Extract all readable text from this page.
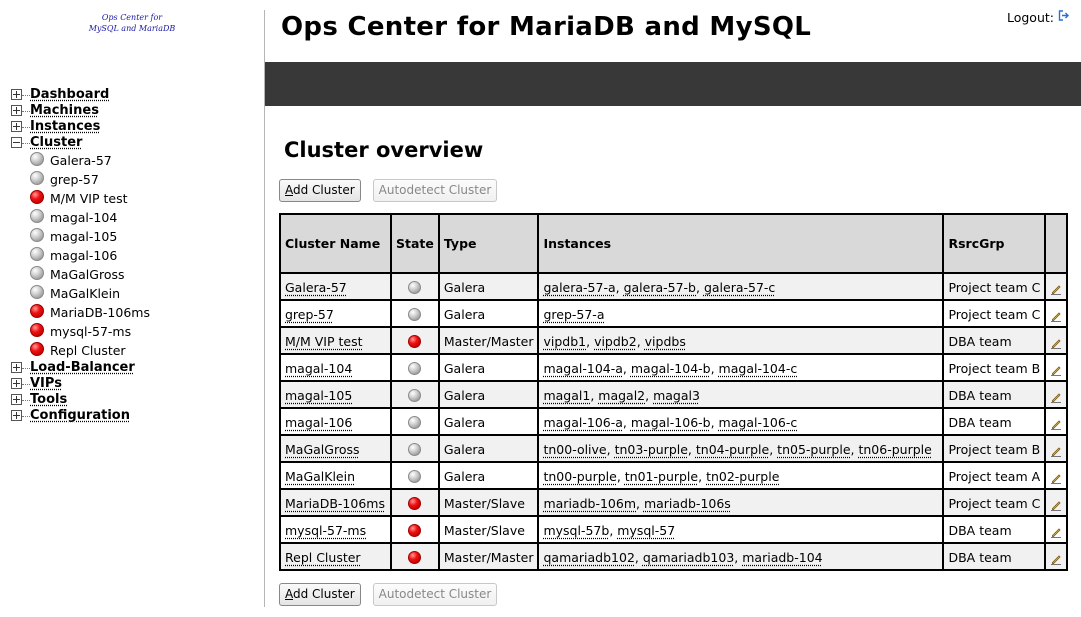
Ops Center for
MySQL and MariaDB
Dashboard
Machines
Instances
Cluster
Galera-57
grep-57
M/M VIP test
magal-104
magal-105
magal-106
MaGalGross
MaGalKlein
MariaDB-106ms
mysql-57-ms
Repl Cluster
Load-Balancer
VIPs
Tools
Configuration
Ops Center for MariaDB and MySQL	Logout:
Cluster overview
Add Cluster	Autodetect Cluster
Cluster Name	State	Type	Instances	RsrcGrp	
Galera-57		Galera	galera-57-a, galera-57-b, galera-57-c	Project team C	
grep-57		Galera	grep-57-a	Project team C	
M/M VIP test		Master/Master	vipdb1, vipdb2, vipdbs	DBA team	
magal-104		Galera	magal-104-a, magal-104-b, magal-104-c	Project team B	
magal-105		Galera	magal1, magal2, magal3	DBA team	
magal-106		Galera	magal-106-a, magal-106-b, magal-106-c	DBA team	
MaGalGross		Galera	tn00-olive, tn03-purple, tn04-purple, tn05-purple, tn06-purple	Project team B	
MaGalKlein		Galera	tn00-purple, tn01-purple, tn02-purple	Project team A	
MariaDB-106ms		Master/Slave	mariadb-106m, mariadb-106s	Project team C	
mysql-57-ms		Master/Slave	mysql-57b, mysql-57	DBA team	
Repl Cluster		Master/Master	qamariadb102, qamariadb103, mariadb-104	DBA team	
Add Cluster	Autodetect Cluster
